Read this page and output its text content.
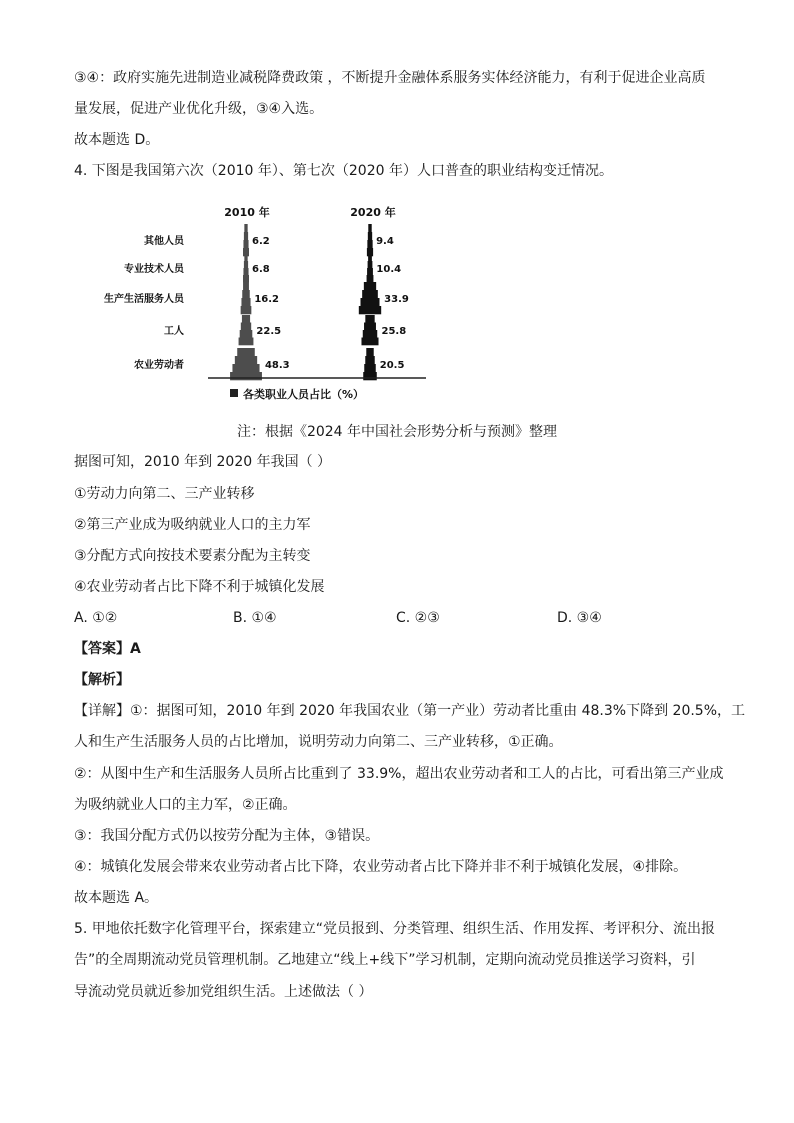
③④：政府实施先进制造业减税降费政策 ，不断提升金融体系服务实体经济能力，有利于促进企业高质
量发展，促进产业优化升级，③④入选。
故本题选 D。
4. 下图是我国第六次（2010 年）、第七次（2020 年）人口普查的职业结构变迁情况。
其他人员
专业技术人员
生产生活服务人员
工人
农业劳动者
2010 年
6.2
6.8
16.2
22.5
48.3
2020 年
9.4
10.4
33.9
25.8
20.5
各类职业人员占比（%）
注：根据《2024 年中国社会形势分析与预测》整理
据图可知，2010 年到 2020 年我国（ ）
①劳动力向第二、三产业转移
②第三产业成为吸纳就业人口的主力军
③分配方式向按技术要素分配为主转变
④农业劳动者占比下降不利于城镇化发展
A. ①②	B. ①④	C. ②③	D. ③④
【答案】A
【解析】
【详解】①：据图可知，2010 年到 2020 年我国农业（第一产业）劳动者比重由 48.3%下降到 20.5%，工
人和生产生活服务人员的占比增加，说明劳动力向第二、三产业转移，①正确。
②：从图中生产和生活服务人员所占比重到了 33.9%，超出农业劳动者和工人的占比，可看出第三产业成
为吸纳就业人口的主力军，②正确。
③：我国分配方式仍以按劳分配为主体，③错误。
④：城镇化发展会带来农业劳动者占比下降，农业劳动者占比下降并非不利于城镇化发展，④排除。
故本题选 A。
5. 甲地依托数字化管理平台，探索建立“党员报到、分类管理、组织生活、作用发挥、考评积分、流出报
告”的全周期流动党员管理机制。乙地建立“线上+线下”学习机制，定期向流动党员推送学习资料，引
导流动党员就近参加党组织生活。上述做法（ ）
